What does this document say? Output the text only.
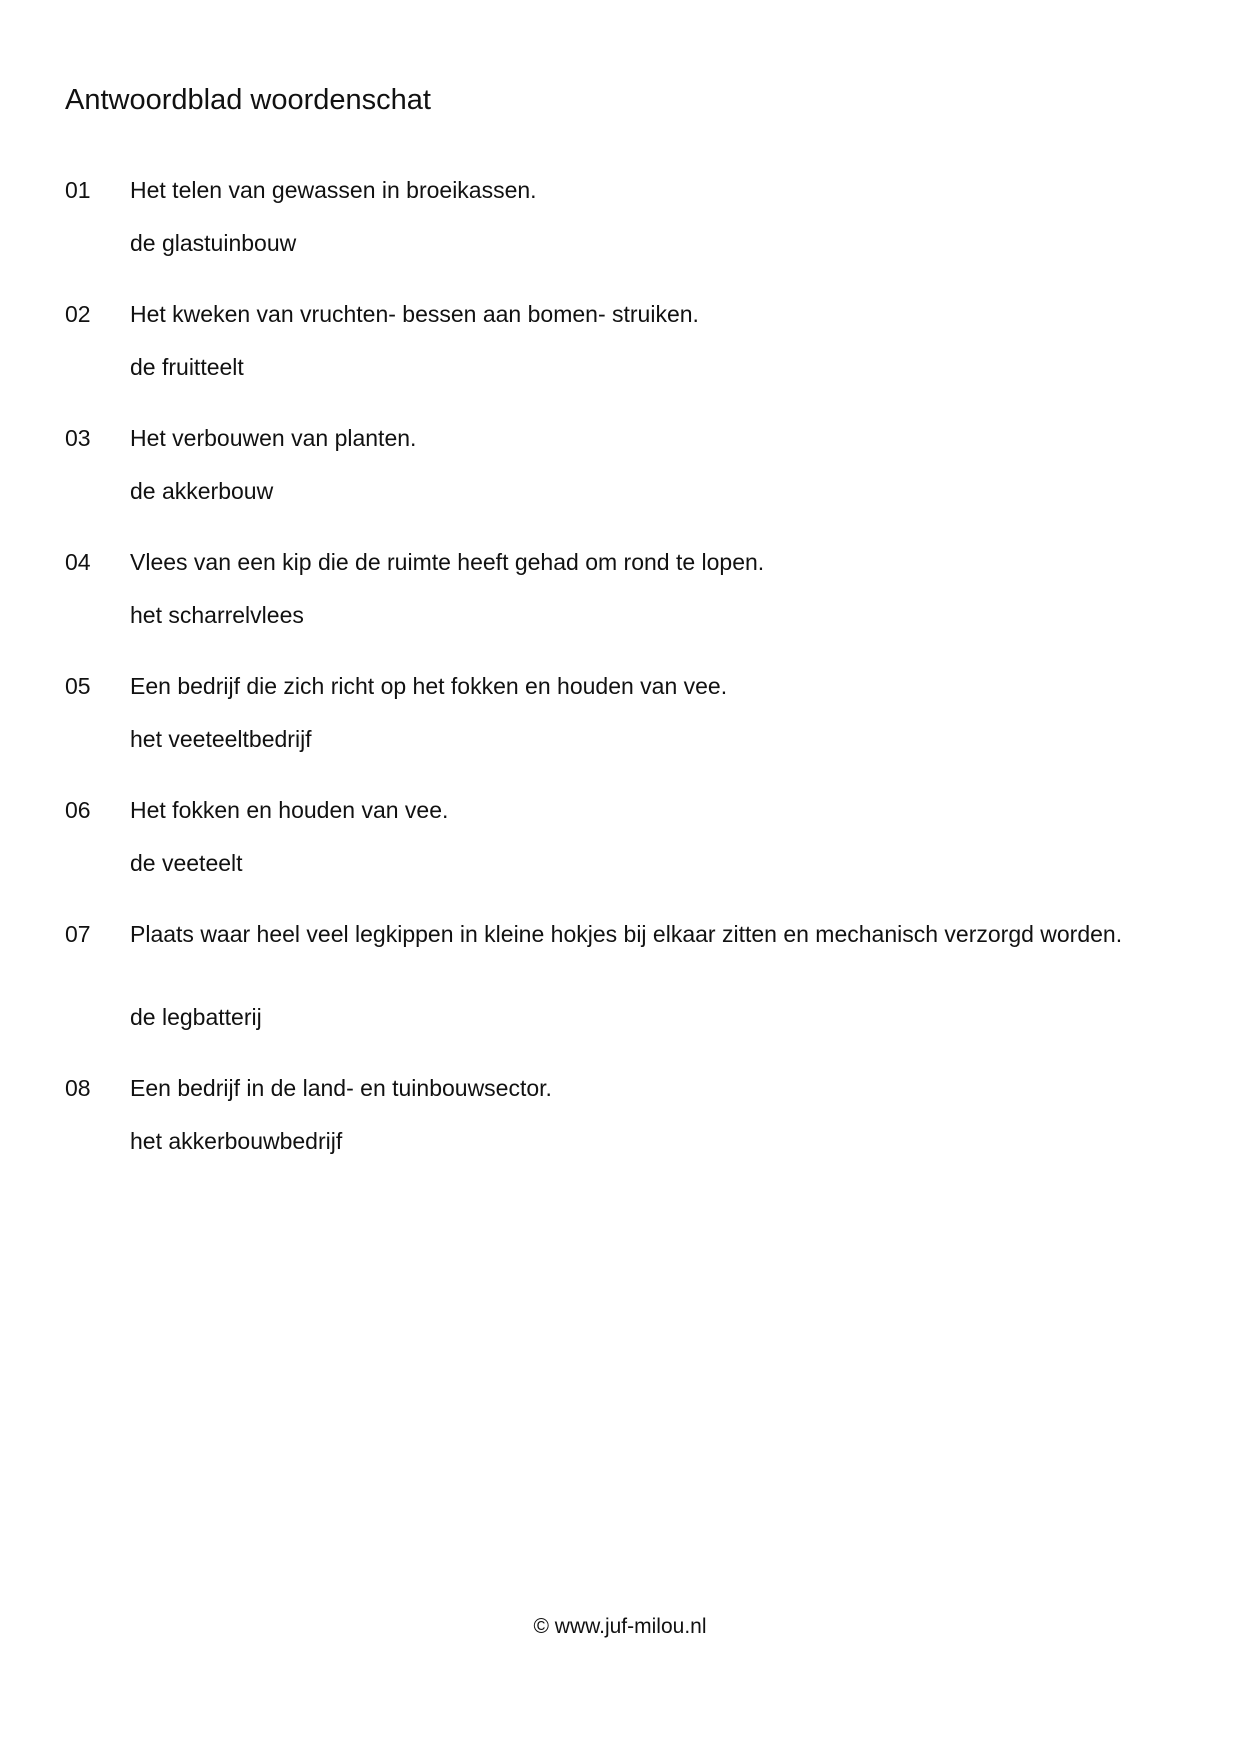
Antwoordblad woordenschat
01 Het telen van gewassen in broeikassen.
de glastuinbouw
02 Het kweken van vruchten- bessen aan bomen- struiken.
de fruitteelt
03 Het verbouwen van planten.
de akkerbouw
04 Vlees van een kip die de ruimte heeft gehad om rond te lopen.
het scharrelvlees
05 Een bedrijf die zich richt op het fokken en houden van vee.
het veeteeltbedrijf
06 Het fokken en houden van vee.
de veeteelt
07 Plaats waar heel veel legkippen in kleine hokjes bij elkaar zitten en mechanisch verzorgd worden.
de legbatterij
08 Een bedrijf in de land- en tuinbouwsector.
het akkerbouwbedrijf
© www.juf-milou.nl
